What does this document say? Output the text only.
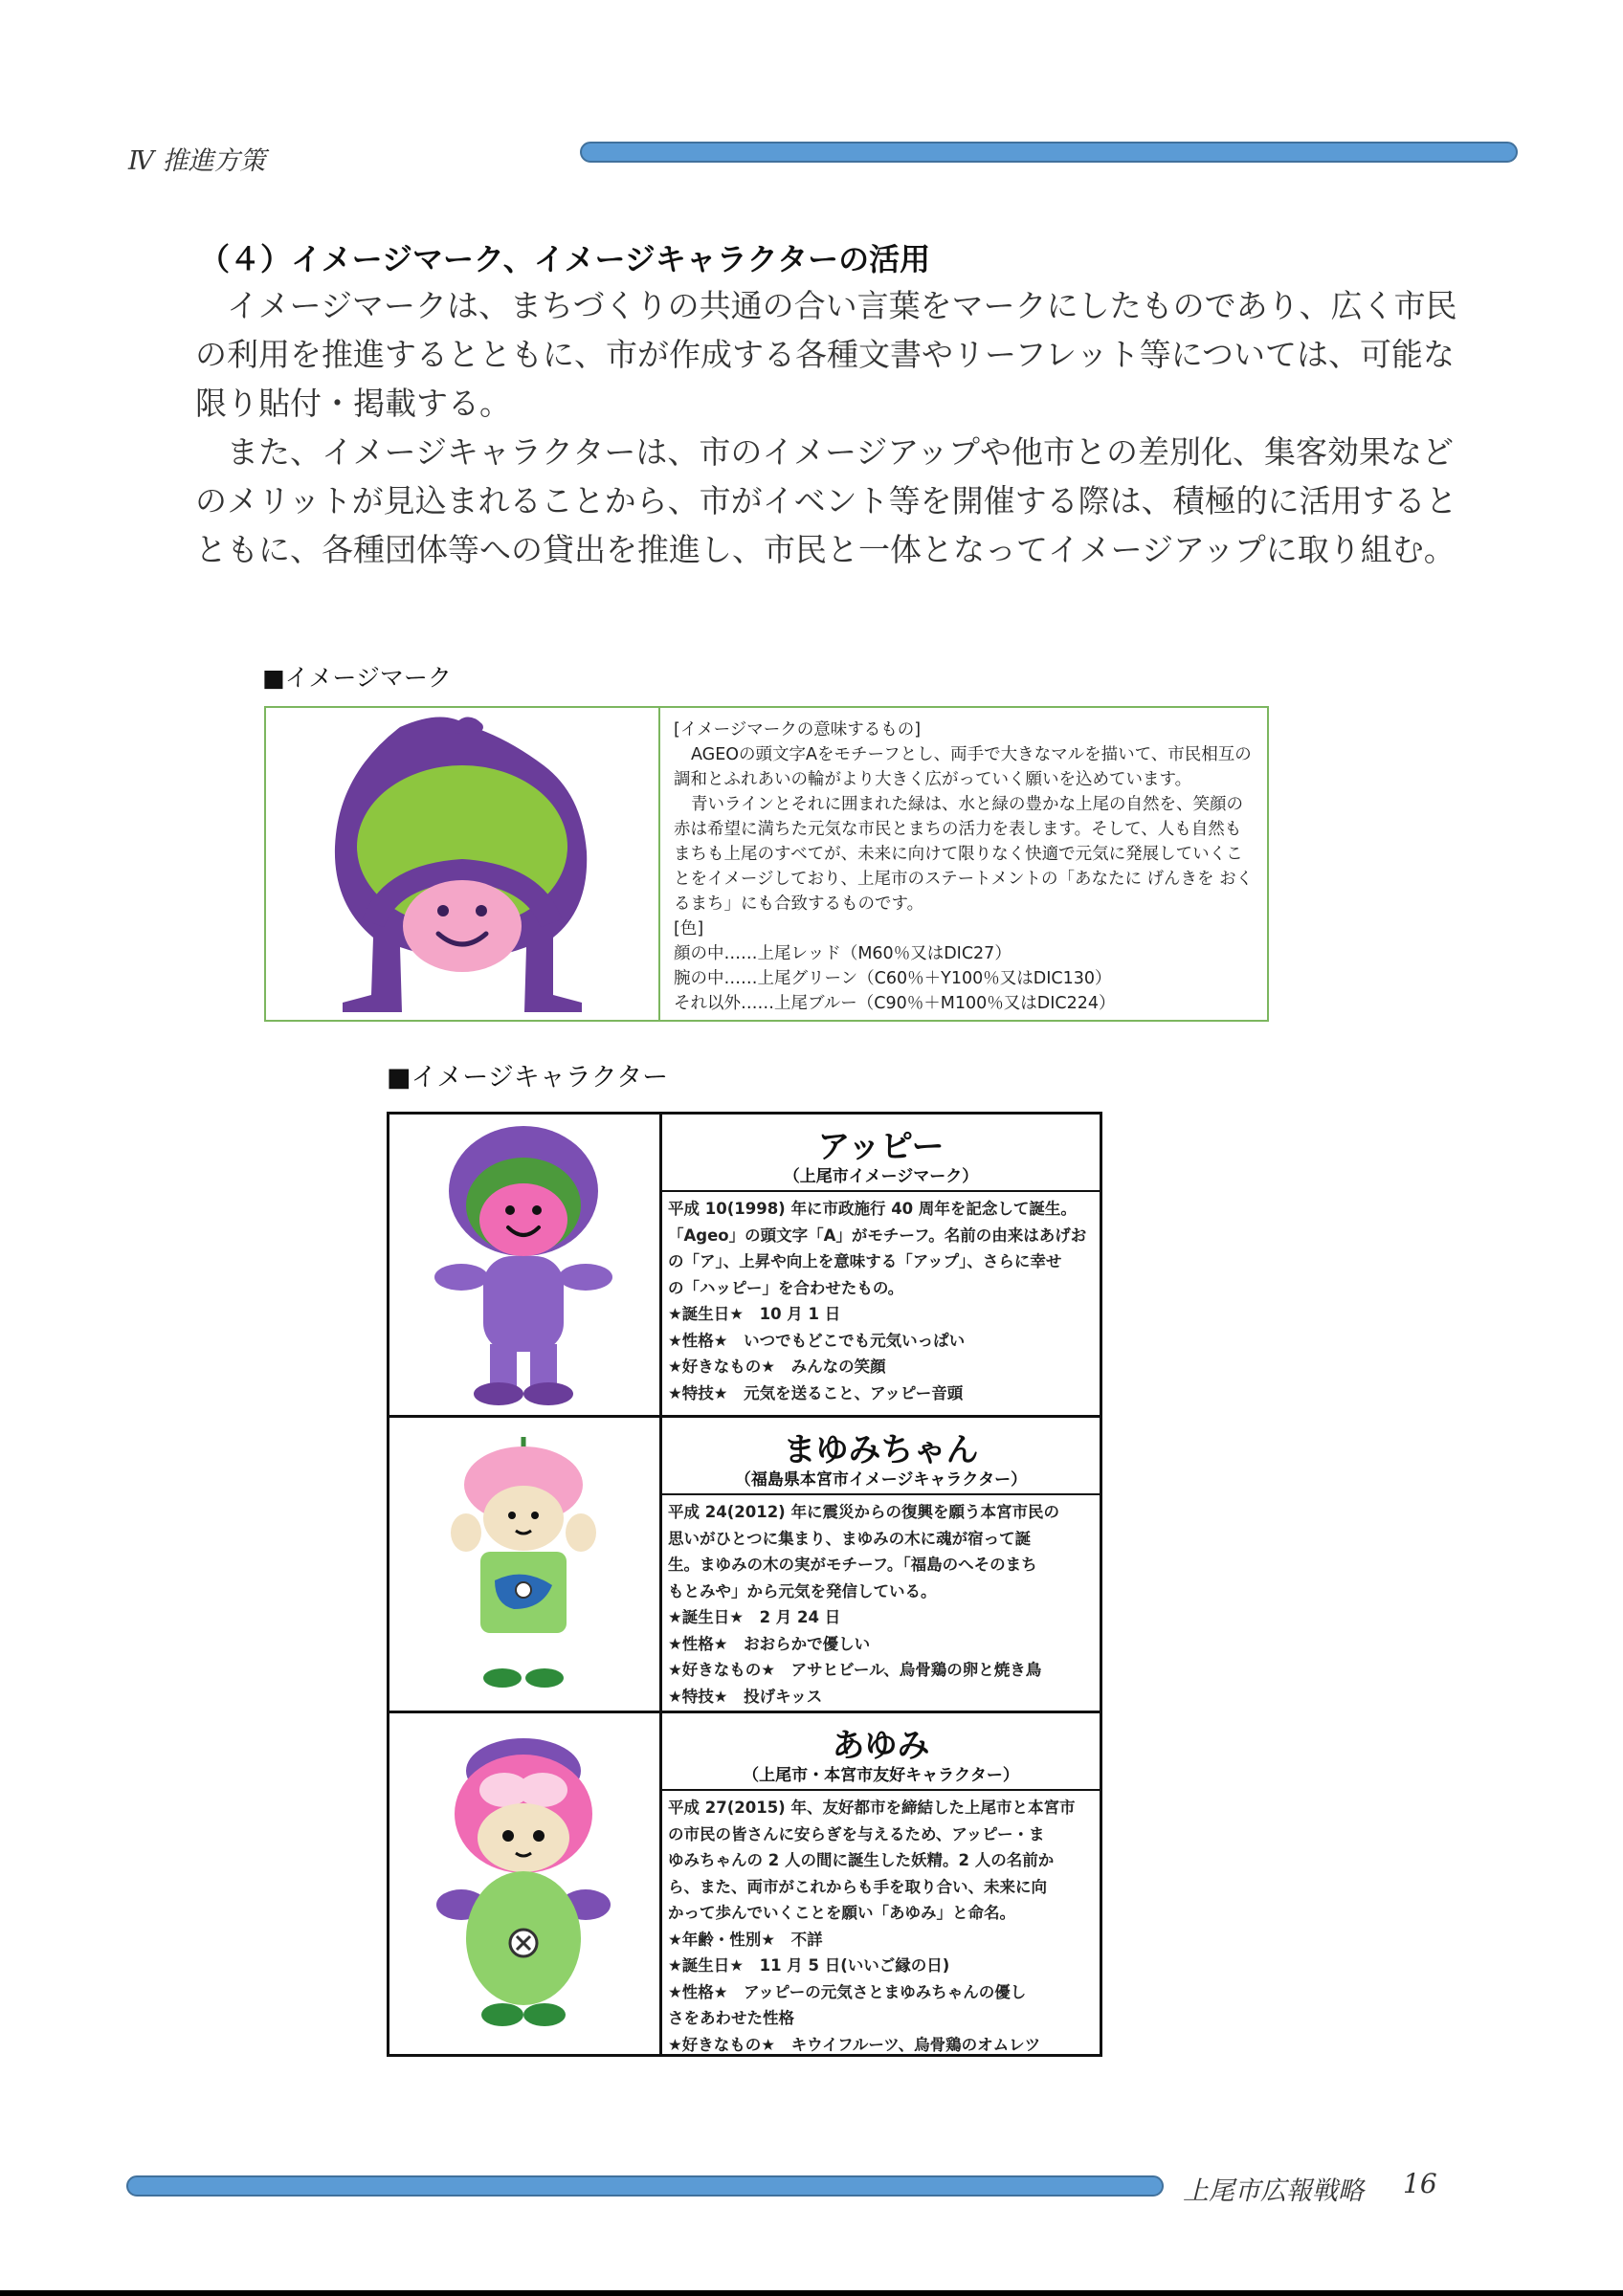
Ⅳ 推進方策
（４）イメージマーク、イメージキャラクターの活用

イメージマークは、まちづくりの共通の合い言葉をマークにしたものであり、広く市民の利用を推進するとともに、市が作成する各種文書やリーフレット等については、可能な限り貼付・掲載する。

また、イメージキャラクターは、市のイメージアップや他市との差別化、集客効果などのメリットが見込まれることから、市がイベント等を開催する際は、積極的に活用するとともに、各種団体等への貸出を推進し、市民と一体となってイメージアップに取り組む。

■イメージマーク
[イメージマークの意味するもの]
AGEOの頭文字Aをモチーフとし、両手で大きなマルを描いて、市民相互の調和とふれあいの輪がより大きく広がっていく願いを込めています。
青いラインとそれに囲まれた緑は、水と緑の豊かな上尾の自然を、笑顔の赤は希望に満ちた元気な市民とまちの活力を表します。そして、人も自然もまちも上尾のすべてが、未来に向けて限りなく快適で元気に発展していくことをイメージしており、上尾市のステートメントの「あなたに げんきを おくるまち」にも合致するものです。
[色]
顔の中……上尾レッド（M60％又はDIC27）
腕の中……上尾グリーン（C60％＋Y100％又はDIC130）
それ以外……上尾ブルー（C90％＋M100％又はDIC224）
■イメージキャラクター
アッピー
（上尾市イメージマーク）
平成 10(1998) 年に市政施行 40 周年を記念して誕生。
「Ageo」の頭文字「A」がモチーフ。名前の由来はあげお
の「ア」、上昇や向上を意味する「アップ」、さらに幸せ
の「ハッピー」を合わせたもの。
★誕生日★　10 月 1 日
★性格★　いつでもどこでも元気いっぱい
★好きなもの★　みんなの笑顔
★特技★　元気を送ること、アッピー音頭
まゆみちゃん
（福島県本宮市イメージキャラクター）
平成 24(2012) 年に震災からの復興を願う本宮市民の
思いがひとつに集まり、まゆみの木に魂が宿って誕
生。まゆみの木の実がモチーフ。「福島のへそのまち
もとみや」から元気を発信している。
★誕生日★　2 月 24 日
★性格★　おおらかで優しい
★好きなもの★　アサヒビール、烏骨鶏の卵と焼き鳥
★特技★　投げキッス
あゆみ
（上尾市・本宮市友好キャラクター）
平成 27(2015) 年、友好都市を締結した上尾市と本宮市
の市民の皆さんに安らぎを与えるため、アッピー・ま
ゆみちゃんの 2 人の間に誕生した妖精。2 人の名前か
ら、また、両市がこれからも手を取り合い、未来に向
かって歩んでいくことを願い「あゆみ」と命名。
★年齢・性別★　不詳
★誕生日★　11 月 5 日(いいご縁の日)
★性格★　アッピーの元気さとまゆみちゃんの優し
さをあわせた性格
★好きなもの★　キウイフルーツ、烏骨鶏のオムレツ
上尾市広報戦略 16
